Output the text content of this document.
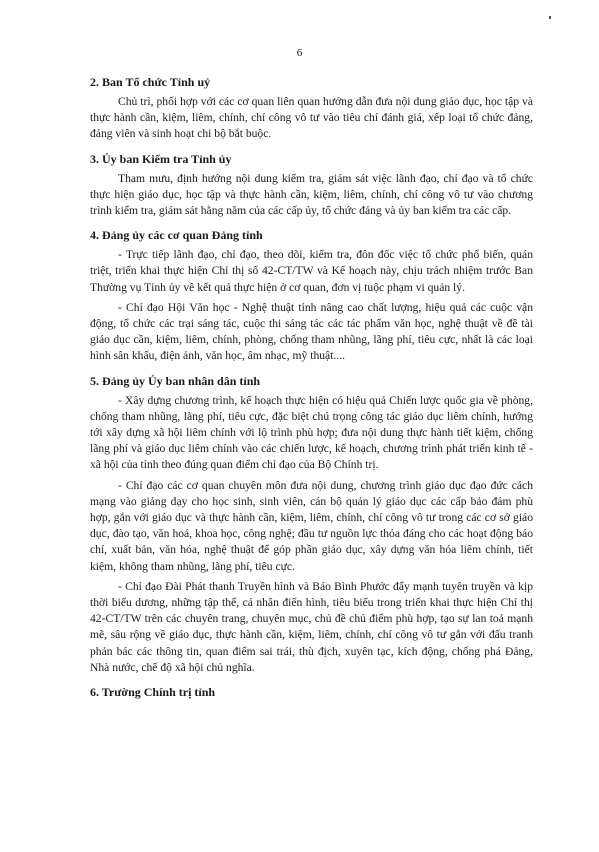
6
2. Ban Tổ chức Tỉnh uỷ

Chủ trì, phối hợp với các cơ quan liên quan hướng dẫn đưa nội dung giáo dục, học tập và thực hành cần, kiệm, liêm, chính, chí công vô tư vào tiêu chí đánh giá, xếp loại tổ chức đảng, đảng viên và sinh hoạt chi bộ bắt buộc.

3. Ủy ban Kiểm tra Tỉnh ủy

Tham mưu, định hướng nội dung kiểm tra, giám sát việc lãnh đạo, chỉ đạo và tổ chức thực hiện giáo dục, học tập và thực hành cần, kiệm, liêm, chính, chí công vô tư vào chương trình kiểm tra, giám sát hằng năm của các cấp ủy, tổ chức đảng và ủy ban kiểm tra các cấp.

4. Đảng ủy các cơ quan Đảng tỉnh

- Trực tiếp lãnh đạo, chỉ đạo, theo dõi, kiểm tra, đôn đốc việc tổ chức phổ biến, quán triệt, triển khai thực hiện Chỉ thị số 42-CT/TW và Kế hoạch này, chịu trách nhiệm trước Ban Thường vụ Tỉnh ủy về kết quả thực hiện ở cơ quan, đơn vị tuộc phạm vi quản lý.

- Chỉ đạo Hội Văn học - Nghệ thuật tỉnh nâng cao chất lượng, hiệu quả các cuộc vận động, tổ chức các trại sáng tác, cuộc thi sáng tác các tác phẩm văn học, nghệ thuật về đề tài giáo dục cần, kiệm, liêm, chính, phòng, chống tham nhũng, lãng phí, tiêu cực, nhất là các loại hình sân khấu, điện ảnh, văn học, âm nhạc, mỹ thuật....

5. Đảng ủy Ủy ban nhân dân tỉnh

- Xây dựng chương trình, kế hoạch thực hiện có hiệu quả Chiến lược quốc gia về phòng, chống tham nhũng, lãng phí, tiêu cực, đặc biệt chú trọng công tác giáo dục liêm chính, hướng tới xây dựng xã hội liêm chính với lộ trình phù hợp; đưa nội dung thực hành tiết kiệm, chống lãng phí và giáo dục liêm chính vào các chiến lược, kế hoạch, chương trình phát triển kinh tế - xã hội của tỉnh theo đúng quan điểm chỉ đạo của Bộ Chính trị.

- Chỉ đạo các cơ quan chuyên môn đưa nội dung, chương trình giáo dục đạo đức cách mạng vào giảng dạy cho học sinh, sinh viên, cán bộ quản lý giáo dục các cấp bảo đảm phù hợp, gắn với giáo dục và thực hành cần, kiệm, liêm, chính, chí công vô tư trong các cơ sở giáo dục, đào tạo, văn hoá, khoa học, công nghệ; đầu tư nguồn lực thỏa đáng cho các hoạt động báo chí, xuất bản, văn hóa, nghệ thuật để góp phần giáo dục, xây dựng văn hóa liêm chính, tiết kiệm, không tham nhũng, lãng phí, tiêu cực.

- Chỉ đạo Đài Phát thanh Truyền hình và Báo Bình Phước đẩy mạnh tuyên truyền và kịp thời biểu dương, những tập thể, cá nhân điển hình, tiêu biểu trong triển khai thực hiện Chỉ thị 42-CT/TW trên các chuyên trang, chuyên mục, chủ đề chủ điểm phù hợp, tạo sự lan toả mạnh mẽ, sâu rộng về giáo dục, thực hành cần, kiệm, liêm, chính, chí công vô tư gắn với đấu tranh phản bác các thông tin, quan điểm sai trái, thù địch, xuyên tạc, kích động, chống phá Đảng, Nhà nước, chế độ xã hội chủ nghĩa.

6. Trường Chính trị tỉnh
